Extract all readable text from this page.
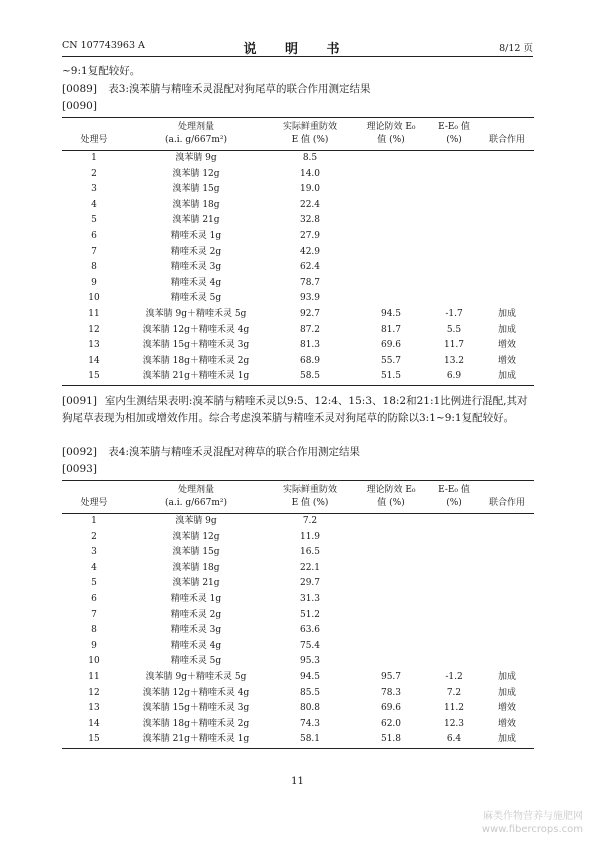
CN 107743963 A	说 明 书	8/12 页
~9:1复配较好。
[0089] 表3:溴苯腈与精喹禾灵混配对狗尾草的联合作用测定结果
[0090]
	处理剂量	实际鲜重防效	理论防效 E₀	E-E₀ 值	
处理号	(a.i. g/667m²)	E 值 (%)	值 (%)	(%)	联合作用
1	溴苯腈 9g	8.5			
2	溴苯腈 12g	14.0			
3	溴苯腈 15g	19.0			
4	溴苯腈 18g	22.4			
5	溴苯腈 21g	32.8			
6	精喹禾灵 1g	27.9			
7	精喹禾灵 2g	42.9			
8	精喹禾灵 3g	62.4			
9	精喹禾灵 4g	78.7			
10	精喹禾灵 5g	93.9			
11	溴苯腈 9g＋精喹禾灵 5g	92.7	94.5	-1.7	加成
12	溴苯腈 12g＋精喹禾灵 4g	87.2	81.7	5.5	加成
13	溴苯腈 15g＋精喹禾灵 3g	81.3	69.6	11.7	增效
14	溴苯腈 18g＋精喹禾灵 2g	68.9	55.7	13.2	增效
15	溴苯腈 21g＋精喹禾灵 1g	58.5	51.5	6.9	加成
[0091] 室内生测结果表明:溴苯腈与精喹禾灵以9:5、12:4、15:3、18:2和21:1比例进行混配,其对狗尾草表现为相加或增效作用。综合考虑溴苯腈与精喹禾灵对狗尾草的防除以3:1~9:1复配较好。
[0092] 表4:溴苯腈与精喹禾灵混配对稗草的联合作用测定结果
[0093]
	处理剂量	实际鲜重防效	理论防效 E₀	E-E₀ 值	
处理号	(a.i. g/667m²)	E 值 (%)	值 (%)	(%)	联合作用
1	溴苯腈 9g	7.2			
2	溴苯腈 12g	11.9			
3	溴苯腈 15g	16.5			
4	溴苯腈 18g	22.1			
5	溴苯腈 21g	29.7			
6	精喹禾灵 1g	31.3			
7	精喹禾灵 2g	51.2			
8	精喹禾灵 3g	63.6			
9	精喹禾灵 4g	75.4			
10	精喹禾灵 5g	95.3			
11	溴苯腈 9g＋精喹禾灵 5g	94.5	95.7	-1.2	加成
12	溴苯腈 12g＋精喹禾灵 4g	85.5	78.3	7.2	加成
13	溴苯腈 15g＋精喹禾灵 3g	80.8	69.6	11.2	增效
14	溴苯腈 18g＋精喹禾灵 2g	74.3	62.0	12.3	增效
15	溴苯腈 21g＋精喹禾灵 1g	58.1	51.8	6.4	加成
11
麻类作物营养与施肥网
www.fibercrops.com
